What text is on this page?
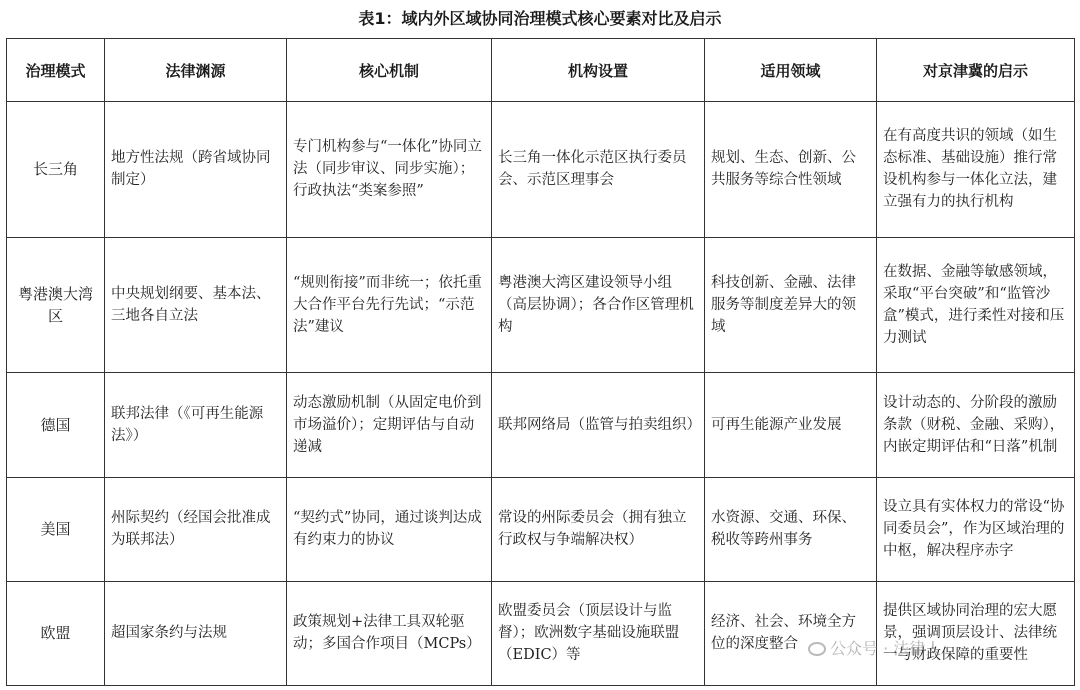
表1：域内外区域协同治理模式核心要素对比及启示
治理模式	法律渊源	核心机制	机构设置	适用领域	对京津冀的启示
长三角	地方性法规（跨省域协同制定）	专门机构参与“一体化”协同立法（同步审议、同步实施）；行政执法“类案参照”	长三角一体化示范区执行委员会、示范区理事会	规划、生态、创新、公共服务等综合性领域	在有高度共识的领域（如生态标准、基础设施）推行常设机构参与一体化立法，建立强有力的执行机构
粤港澳大湾区	中央规划纲要、基本法、三地各自立法	“规则衔接”而非统一；依托重大合作平台先行先试；“示范法”建议	粤港澳大湾区建设领导小组（高层协调）；各合作区管理机构	科技创新、金融、法律服务等制度差异大的领域	在数据、金融等敏感领域，采取“平台突破”和“监管沙盒”模式，进行柔性对接和压力测试
德国	联邦法律（《可再生能源法》）	动态激励机制（从固定电价到市场溢价）；定期评估与自动递减	联邦网络局（监管与拍卖组织）	可再生能源产业发展	设计动态的、分阶段的激励条款（财税、金融、采购），内嵌定期评估和“日落”机制
美国	州际契约（经国会批准成为联邦法）	“契约式”协同，通过谈判达成有约束力的协议	常设的州际委员会（拥有独立行政权与争端解决权）	水资源、交通、环保、税收等跨州事务	设立具有实体权力的常设“协同委员会”，作为区域治理的中枢，解决程序赤字
欧盟	超国家条约与法规	政策规划+法律工具双轮驱动；多国合作项目（MCPs）	欧盟委员会（顶层设计与监督）；欧洲数字基础设施联盟（EDIC）等	经济、社会、环境全方位的深度整合	提供区域协同治理的宏大愿景，强调顶层设计、法律统一与财政保障的重要性
公众号 · 法律人
